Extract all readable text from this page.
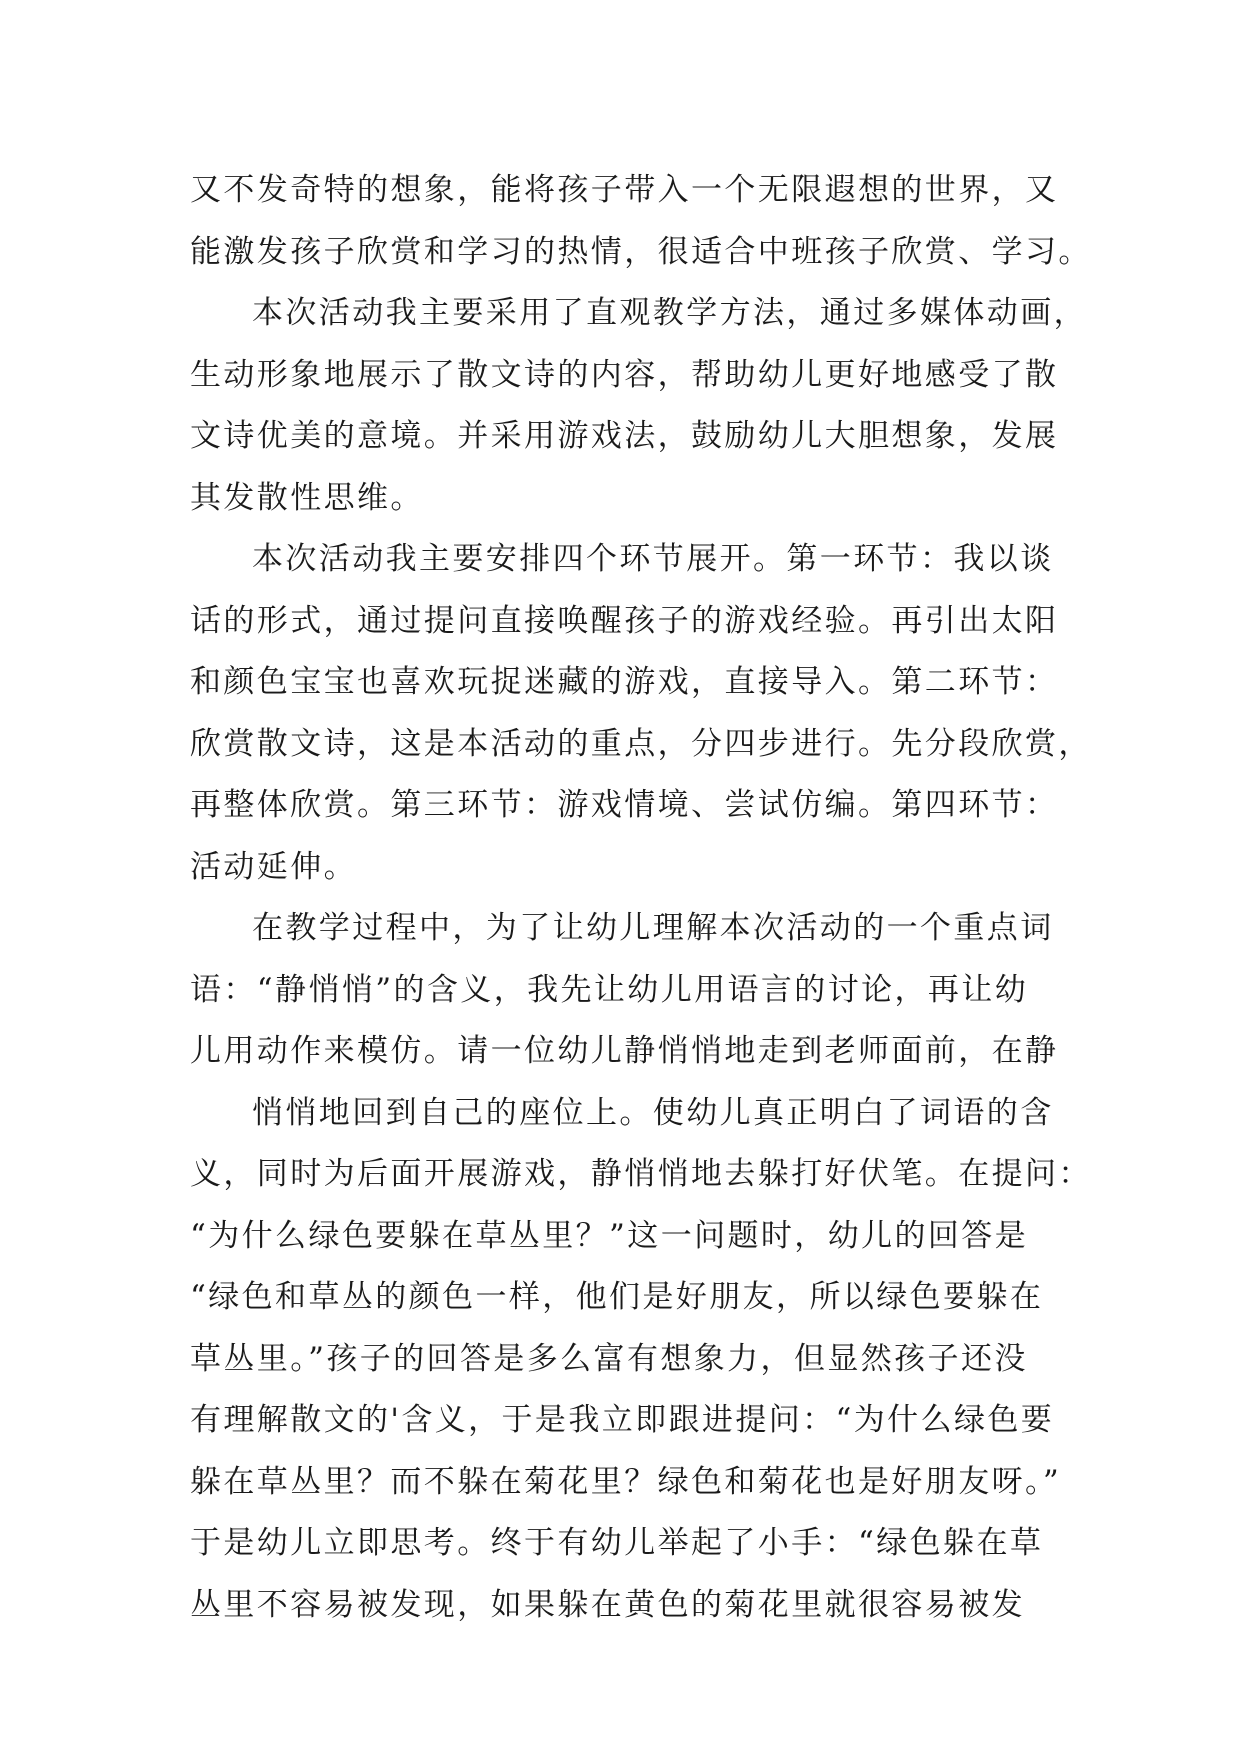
又不发奇特的想象，能将孩子带入一个无限遐想的世界，又
能激发孩子欣赏和学习的热情，很适合中班孩子欣赏、学习。
本次活动我主要采用了直观教学方法，通过多媒体动画，
生动形象地展示了散文诗的内容，帮助幼儿更好地感受了散
文诗优美的意境。并采用游戏法，鼓励幼儿大胆想象，发展
其发散性思维。
本次活动我主要安排四个环节展开。第一环节：我以谈
话的形式，通过提问直接唤醒孩子的游戏经验。再引出太阳
和颜色宝宝也喜欢玩捉迷藏的游戏，直接导入。第二环节：
欣赏散文诗，这是本活动的重点，分四步进行。先分段欣赏，
再整体欣赏。第三环节：游戏情境、尝试仿编。第四环节：
活动延伸。
在教学过程中，为了让幼儿理解本次活动的一个重点词
语：“静悄悄”的含义，我先让幼儿用语言的讨论，再让幼
儿用动作来模仿。请一位幼儿静悄悄地走到老师面前，在静
悄悄地回到自己的座位上。使幼儿真正明白了词语的含
义，同时为后面开展游戏，静悄悄地去躲打好伏笔。在提问：
“为什么绿色要躲在草丛里？”这一问题时，幼儿的回答是
“绿色和草丛的颜色一样，他们是好朋友，所以绿色要躲在
草丛里。”孩子的回答是多么富有想象力，但显然孩子还没
有理解散文的'含义，于是我立即跟进提问：“为什么绿色要
躲在草丛里？而不躲在菊花里？绿色和菊花也是好朋友呀。”
于是幼儿立即思考。终于有幼儿举起了小手：“绿色躲在草
丛里不容易被发现，如果躲在黄色的菊花里就很容易被发
